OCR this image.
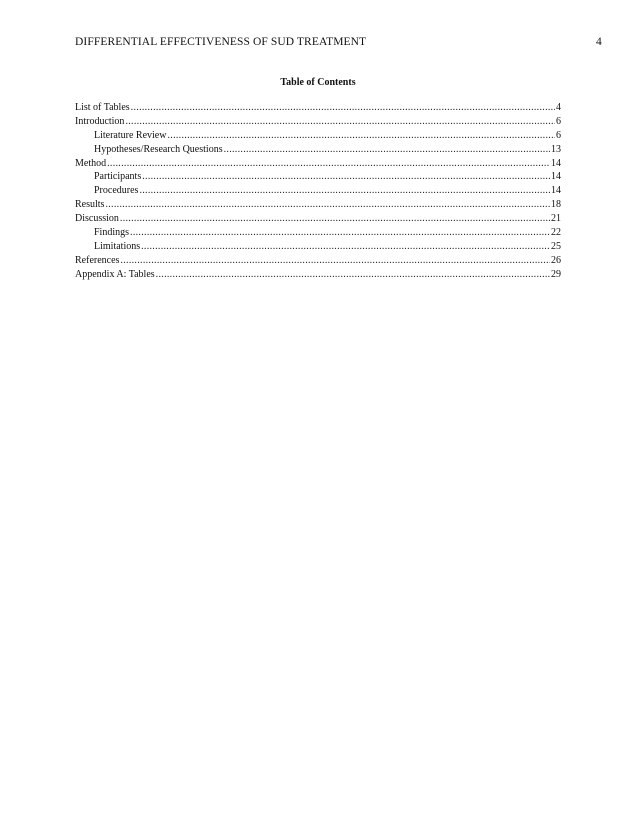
DIFFERENTIAL EFFECTIVENESS OF SUD TREATMENT	4
Table of Contents
List of Tables .....	4
Introduction .....	6
Literature Review .....	6
Hypotheses/Research Questions .....	13
Method .....	14
Participants .....	14
Procedures .....	14
Results .....	18
Discussion .....	21
Findings .....	22
Limitations .....	25
References .....	26
Appendix A: Tables .....	29
